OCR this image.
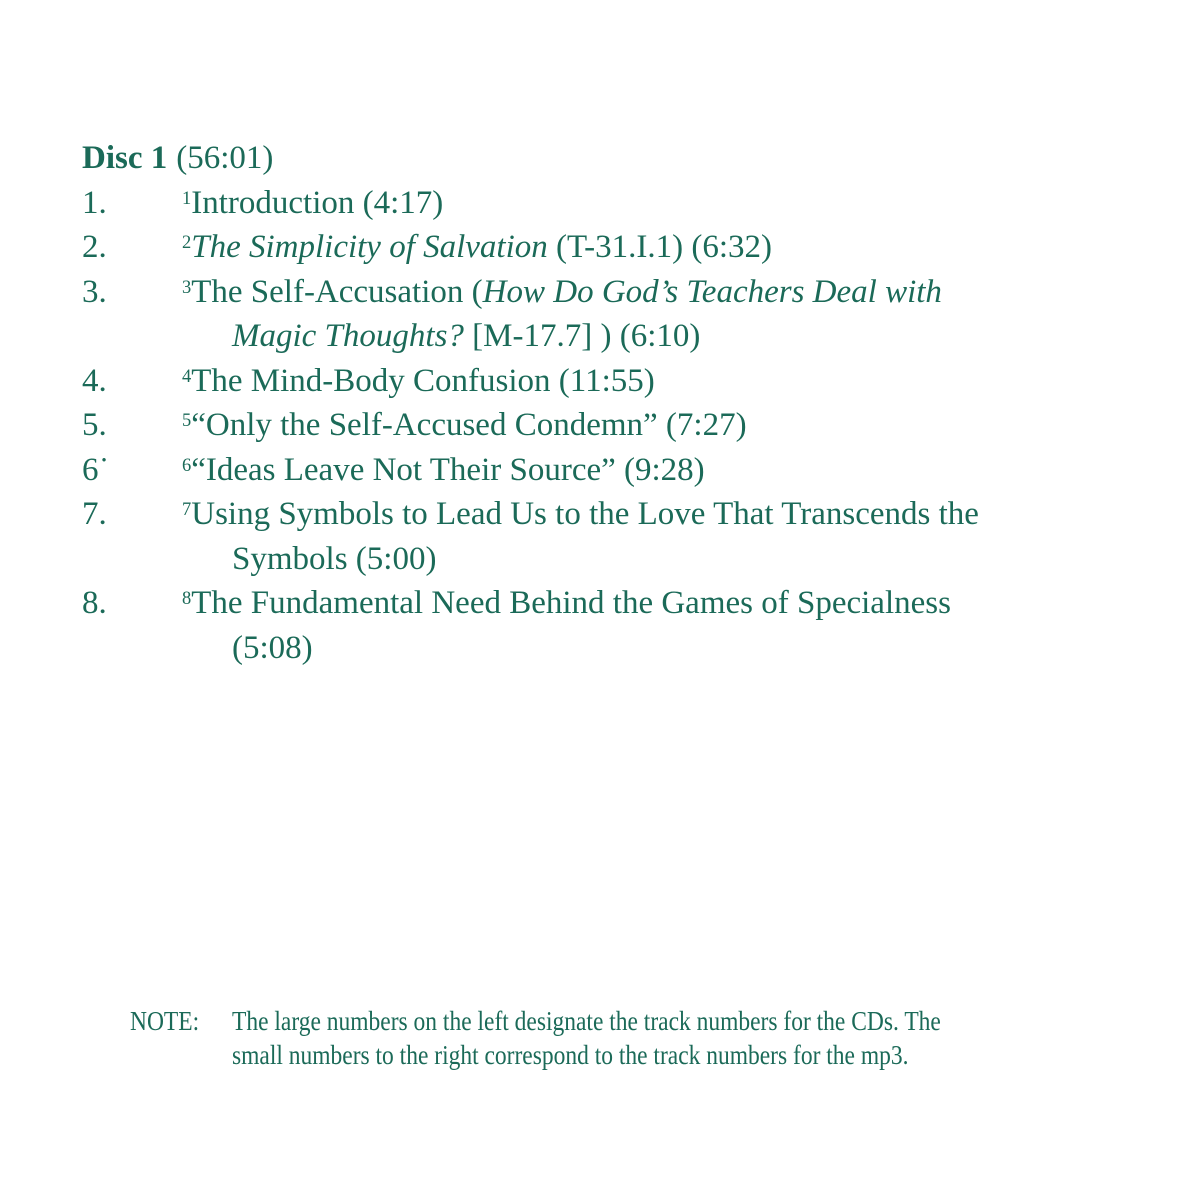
Disc 1 (56:01)
1.	$^1$Introduction (4:17)
2.	$^2$The Simplicity of Salvation (T-31.I.1) (6:32)
3.	$^3$The Self-Accusation (How Do God’s Teachers Deal with
Magic Thoughts? [M-17.7] ) (6:10)
4.	$^4$The Mind-Body Confusion (11:55)
5.	$^5$“Only the Self-Accused Condemn” (7:27)
6˙	$^6$“Ideas Leave Not Their Source” (9:28)
7.	$^7$Using Symbols to Lead Us to the Love That Transcends the
Symbols (5:00)
8.	$^8$The Fundamental Need Behind the Games of Specialness
(5:08)
NOTE:	The large numbers on the left designate the track numbers for the CDs. The
small numbers to the right correspond to the track numbers for the mp3.
